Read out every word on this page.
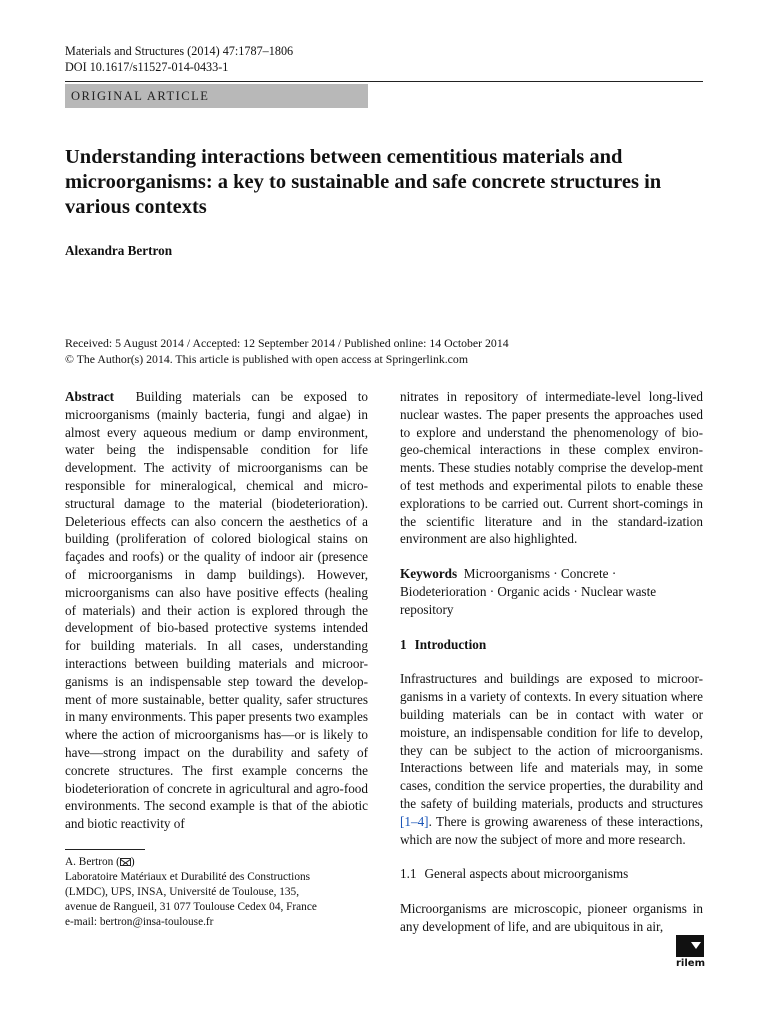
Materials and Structures (2014) 47:1787–1806
DOI 10.1617/s11527-014-0433-1
ORIGINAL ARTICLE
Understanding interactions between cementitious materials and microorganisms: a key to sustainable and safe concrete structures in various contexts
Alexandra Bertron
Received: 5 August 2014 / Accepted: 12 September 2014 / Published online: 14 October 2014
© The Author(s) 2014. This article is published with open access at Springerlink.com

Abstract Building materials can be exposed to microorganisms (mainly bacteria, fungi and algae) in almost every aqueous medium or damp environment, water being the indispensable condition for life development. The activity of microorganisms can be responsible for mineralogical, chemical and micro-structural damage to the material (biodeterioration). Deleterious effects can also concern the aesthetics of a building (proliferation of colored biological stains on façades and roofs) or the quality of indoor air (presence of microorganisms in damp buildings). However, microorganisms can also have positive effects (healing of materials) and their action is explored through the development of bio-based protective systems intended for building materials. In all cases, understanding interactions between building materials and microor-ganisms is an indispensable step toward the develop-ment of more sustainable, better quality, safer structures in many environments. This paper presents two examples where the action of microorganisms has—or is likely to have—strong impact on the durability and safety of concrete structures. The first example concerns the biodeterioration of concrete in agricultural and agro-food environments. The second example is that of the abiotic and biotic reactivity of

nitrates in repository of intermediate-level long-lived nuclear wastes. The paper presents the approaches used to explore and understand the phenomenology of bio-geo-chemical interactions in these complex environ-ments. These studies notably comprise the develop-ment of test methods and experimental pilots to enable these explorations to be carried out. Current short-comings in the scientific literature and in the standard-ization environment are also highlighted.

Keywords Microorganisms · Concrete · Biodeterioration · Organic acids · Nuclear waste repository

1 Introduction

Infrastructures and buildings are exposed to microor-ganisms in a variety of contexts. In every situation where building materials can be in contact with water or moisture, an indispensable condition for life to develop, they can be subject to the action of microorganisms. Interactions between life and materials may, in some cases, condition the service properties, the durability and the safety of building materials, products and structures [1–4]. There is growing awareness of these interactions, which are now the subject of more and more research.

1.1 General aspects about microorganisms

Microorganisms are microscopic, pioneer organisms in any development of life, and are ubiquitous in air,

A. Bertron ( )
Laboratoire Matériaux et Durabilité des Constructions
(LMDC), UPS, INSA, Université de Toulouse, 135,
avenue de Rangueil, 31 077 Toulouse Cedex 04, France
e-mail: bertron@insa-toulouse.fr
rilem
